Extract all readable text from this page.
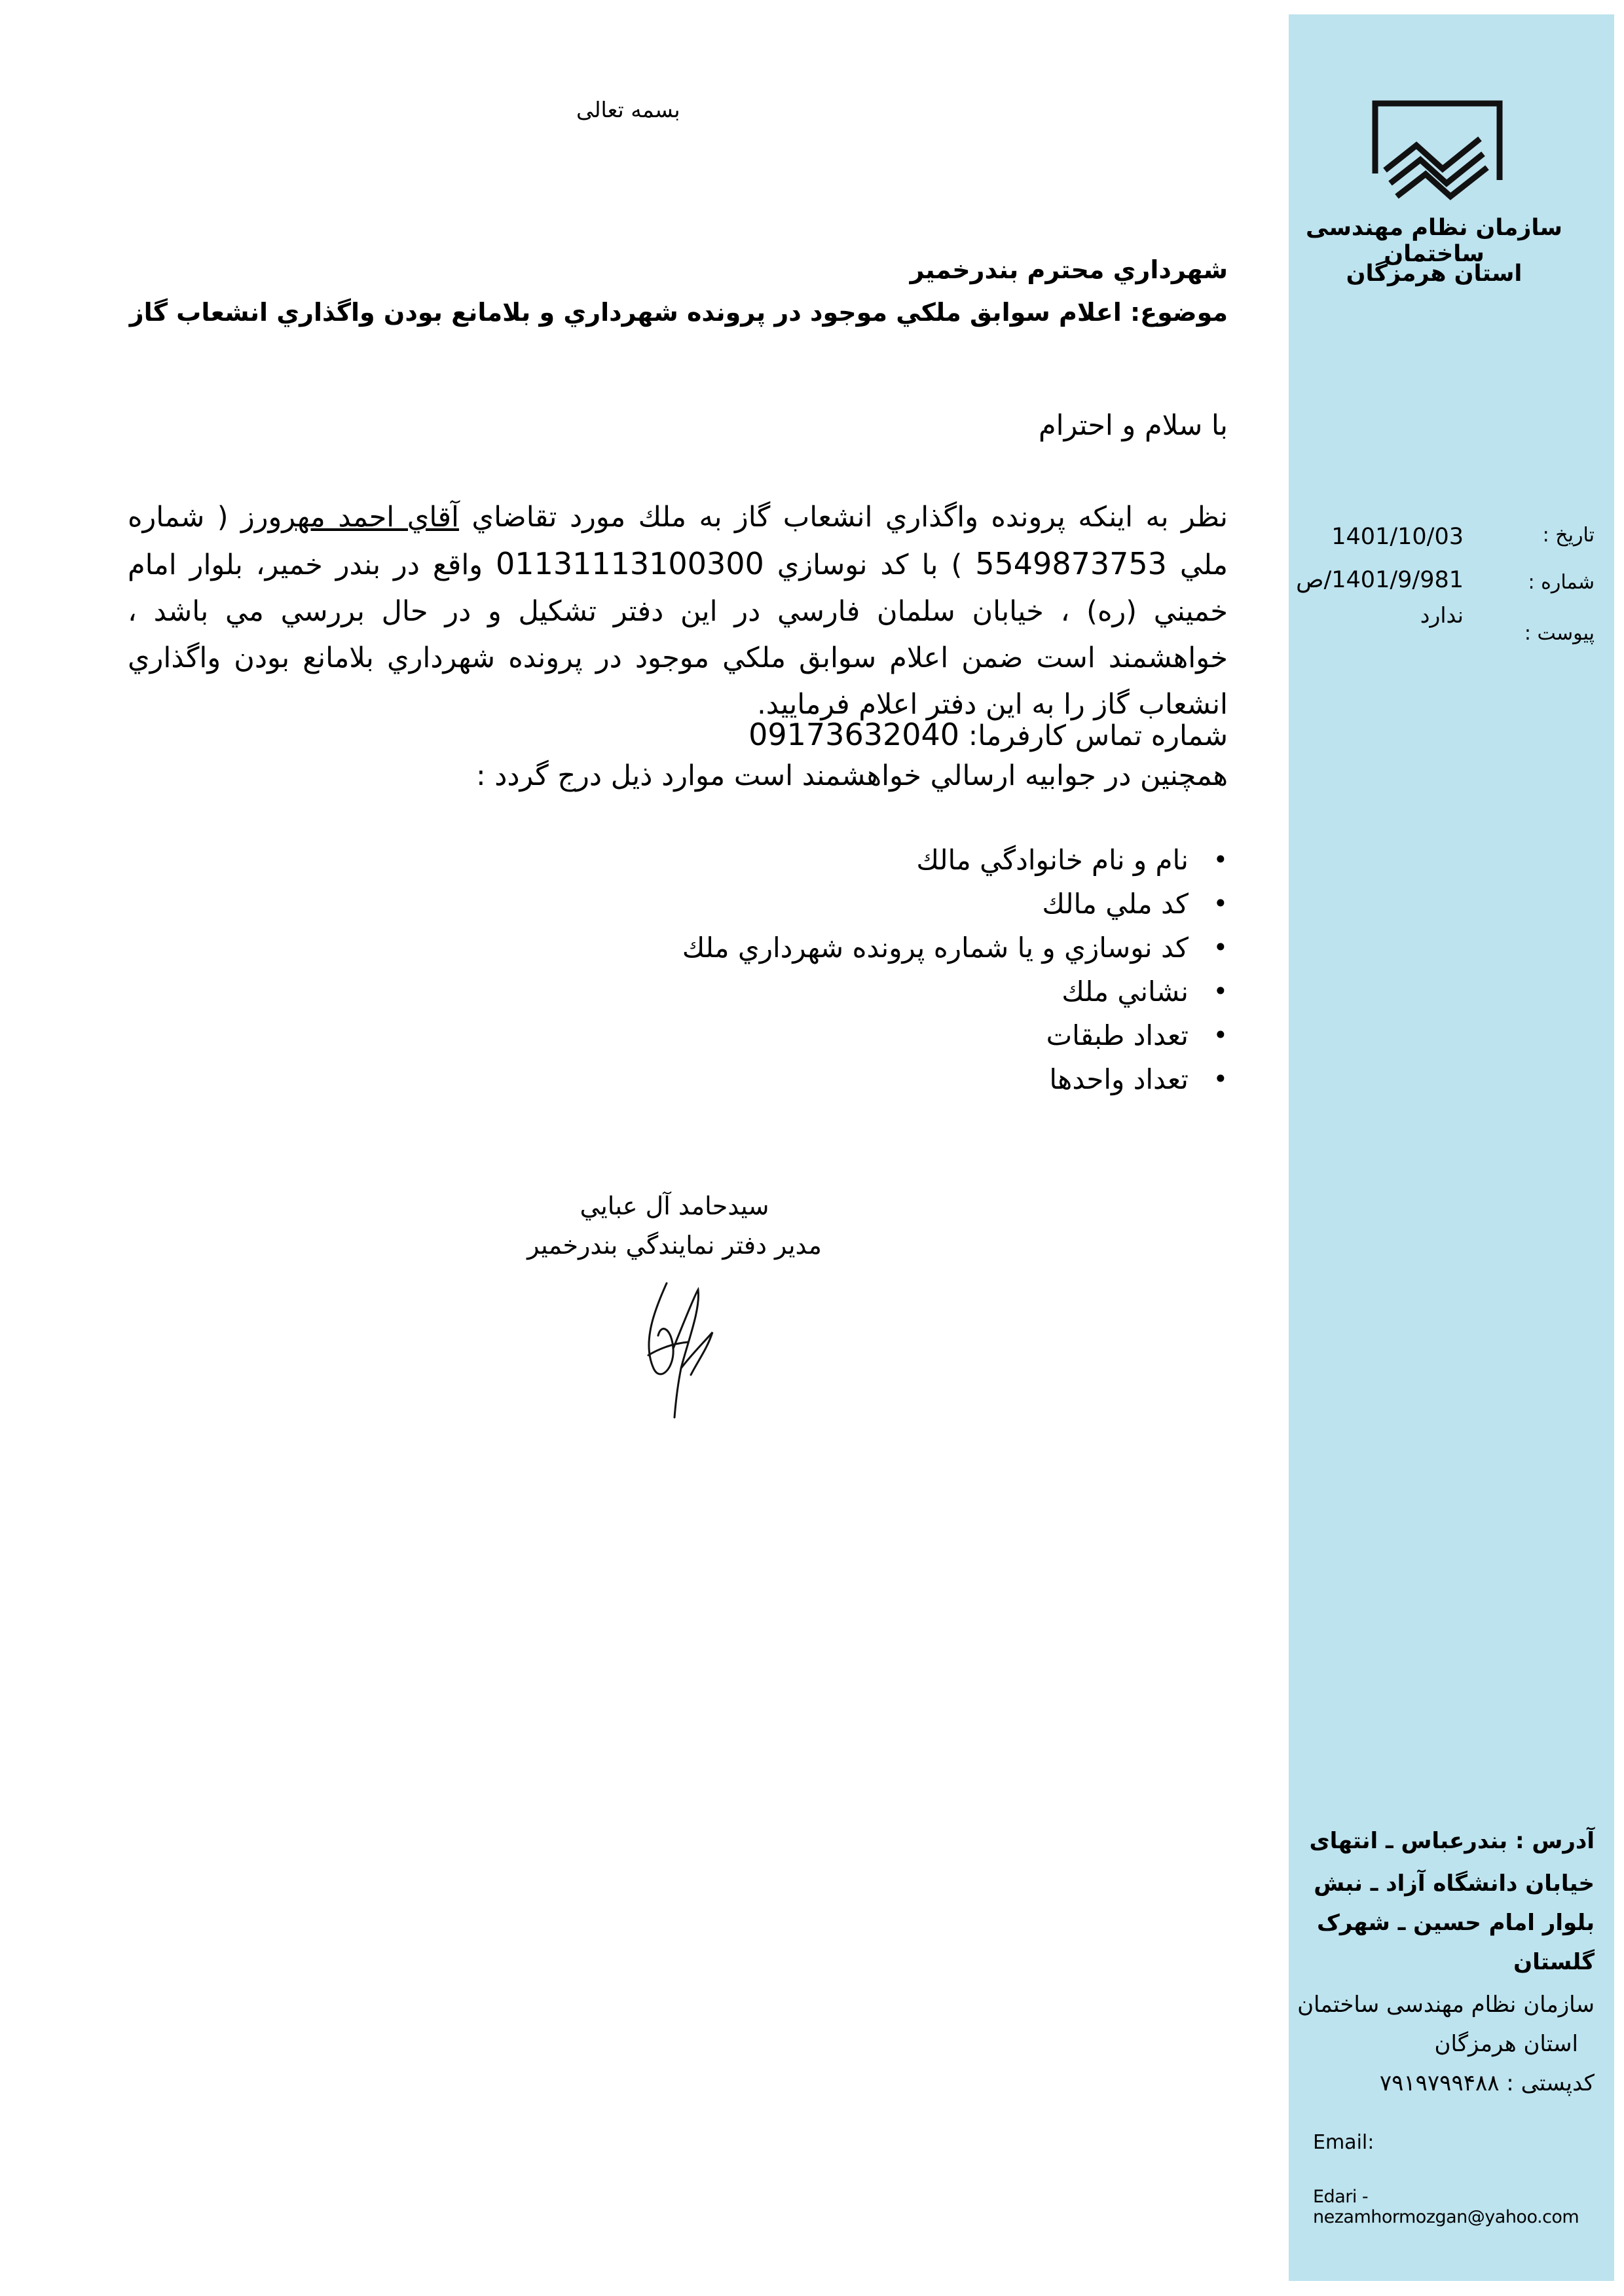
بسمه تعالی
سازمان نظام مهندسی ساختمان
استان هرمزگان
تاریخ :
1401/10/03
شماره :
1401/9/981/ص
پیوست :
ندارد
آدرس : بندرعباس ـ انتهای
خیابان دانشگاه آزاد ـ نبش
بلوار امام حسین ـ شهرک
گلستان
سازمان نظام مهندسی ساختمان
استان هرمزگان
کدپستی : ۷۹۱۹۷۹۹۴۸۸
Email:
Edari - nezamhormozgan@yahoo.com
شهرداري محترم بندرخمير
موضوع: اعلام سوابق ملكي موجود در پرونده شهرداري و بلامانع بودن واگذاري انشعاب گاز
با سلام و احترام
نظر به اينكه پرونده واگذاري انشعاب گاز به ملك مورد تقاضاي آقاي احمد مهرورز ( شماره ملي 5549873753 ) با كد نوسازي 01131113100300 واقع در بندر خمير، بلوار امام خميني (ره) ، خيابان سلمان فارسي در اين دفتر تشكيل و در حال بررسي مي باشد ، خواهشمند است ضمن اعلام سوابق ملكي موجود در پرونده شهرداري بلامانع بودن واگذاري انشعاب گاز را به اين دفتر اعلام فرماييد.
شماره تماس كارفرما: 09173632040
همچنين در جوابيه ارسالي خواهشمند است موارد ذيل درج گردد :
•
نام و نام خانوادگي مالك
•
كد ملي مالك
•
كد نوسازي و يا شماره پرونده شهرداري ملك
•
نشاني ملك
•
تعداد طبقات
•
تعداد واحدها
سيدحامد آل عبايي
مدير دفتر نمايندگي بندرخمير
